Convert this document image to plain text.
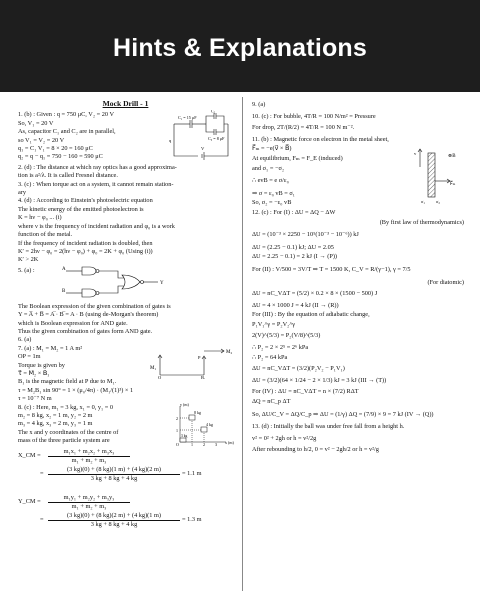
Hints & Explanations
Mock Drill - 1
1. (b) : Given : q = 750 μC, V₂ = 20 V
So, V₁ = 20 V
As, capacitor C₁ and C₂ are in parallel,
so V₁ = V₂ = 20 V
q₁ = C₁ V₁ = 8 × 20 = 160 μC
q₂ = q − q₁ = 750 − 160 = 590 μC
C₁ = 15 μF
C₂
C₃ = 8 μF
q
V
2. (d) : The distance at which ray optics has a good approxima-
tion is a²/λ. It is called Fresnel distance.
3. (c) : When torque act on a system, it cannot remain station-
ary
4. (d) : According to Einstein's photoelectric equation
The kinetic energy of the emitted photoelectron is
K = hν − φ₀ ... (i)
where ν is the frequency of incident radiation and φ₀ is a work
function of the metal.
If the frequency of incident radiation is doubled, then
K′ = 2hν − φ₀ = 2(hν − φ₀) + φ₀ = 2K + φ₀ (Using (i))
K′ > 2K
5. (a) :	A
B
Y
The Boolean expression of the given combination of gates is
Y = A̅ + B̅ = A̿ · B̿ = A · B (using de-Morgan's theorem)
which is Boolean expression for AND gate.
Thus the given combination of gates form AND gate.
6. (a)
7. (a) : M₁ = M₂ = 1 A m²
OP = 1m
Torque is given by
τ⃗ = M⃗₂ × B⃗₁
B₁ is the magnetic field at P due to M₁.
τ = M₂B₁ sin 90° = 1 × (μ₀/4π) · (M₁/(1)³) × 1
τ = 10⁻⁷ N m
M₁
M₂
O
P
B₁
8. (c) : Here, m₁ = 3 kg, x₁ = 0, y₁ = 0
m₂ = 8 kg, x₂ = 1 m, y₂ = 2 m
m₃ = 4 kg, x₃ = 2 m, y₃ = 1 m
The x and y coordinates of the centre of
mass of the three particle system are
y (m)
x (m)
8 kg
4 kg
3 kg
O	1	2	3
1
2
X_CM = $\frac{\text{m₁x₁ + m₂x₂ + m₃x₃}}{\text{m₁ + m₂ + m₃}}$
= $\frac{(3 kg)(0) + (8 kg)(1 m) + (4 kg)(2 m)}{3 kg + 8 kg + 4 kg} = 1.1$ m
Y_CM = $\frac{\text{m₁y₁ + m₂y₂ + m₃y₃}}{\text{m₁ + m₂ + m₃}}$
= $\frac{(3 kg)(0) + (8 kg)(2 m) + (4 kg)(1 m)}{3 kg + 8 kg + 4 kg} = 1.3$ m
9. (a)
10. (c) : For bubble, 4T/R = 100 N/m² = Pressure
For drop, 2T/(R/2) = 4T/R = 100 N m⁻².
11. (b) : Magnetic force on electron in the metal sheet,
F⃗ₘ = −e(v⃗ × B⃗)
At equilibrium, Fₘ = F_E (induced)
and σ₁ = −σ₂
∴ evB = e σ/ε₀
⇒ σ = ε₀ vB = σ₁
So, σ₂ = −ε₀ vB
v
⊗B
F⃗ₘ
σ₁ σ₂
12. (c) : For (I) : ΔU = ΔQ − ΔW
(By first law of thermodynamics)
ΔU = (10⁻³ × 2250 − 10⁵(10⁻³ − 10⁻⁶)) kJ
ΔU = (2.25 − 0.1) kJ; ΔU = 2.05
ΔU = 2.25 − 0.1) = 2 kJ (I → (P))
For (II) : V/500 = 3V/T ⇒ T = 1500 K, C_V = R/(γ−1), γ = 7/5
(For diatomic)
ΔU = nC_VΔT = (5/2) × 0.2 × 8 × (1500 − 500) J
ΔU = 4 × 1000 J = 4 kJ (II → (R))
For (III) : By the equation of adiabatic change,
P₁V₁^γ = P₂V₂^γ
2(V)^(5/3) = P₂(V/8)^(5/3)
∴ P₂ = 2 × 2⁵ = 2⁶ kPa
∴ P₂ = 64 kPa
ΔU = nC_VΔT = (3/2)(P₂V₂ − P₁V₁)
ΔU = (3/2)(64 × 1/24 − 2 × 1/3) kJ = 3 kJ (III → (T))
For (IV) : ΔU = nC_VΔT = n × (7/2) RΔT
ΔQ = nC_p ΔT
So, ΔU/C_V = ΔQ/C_p ⇒ ΔU = (1/γ) ΔQ = (7/9) × 9 = 7 kJ (IV → (Q))
13. (d) : Initially the ball was under free fall from a height h.
v² = 0² + 2gh or h = v²/2g
After rebounding to h/2, 0 = v² − 2gh/2 or h = v²/g
